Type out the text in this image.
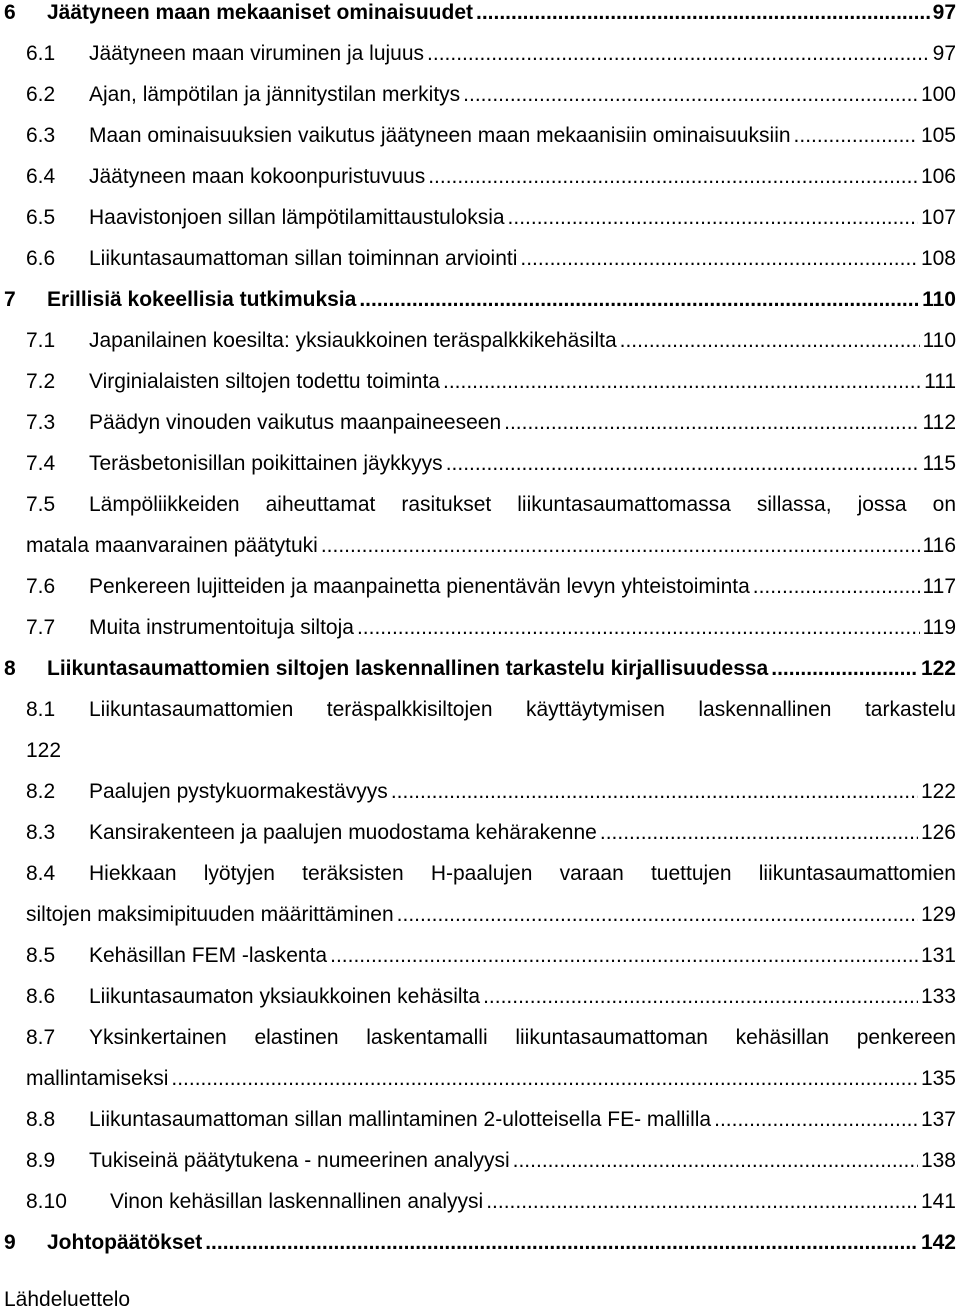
6 Jäätyneen maan mekaaniset ominaisuudet .....	97
6.1 Jäätyneen maan viruminen ja lujuus .....	97
6.2 Ajan, lämpötilan ja jännitystilan merkitys .....	100
6.3 Maan ominaisuuksien vaikutus jäätyneen maan mekaanisiin ominaisuuksiin .....	105
6.4 Jäätyneen maan kokoonpuristuvuus .....	106
6.5 Haavistonjoen sillan lämpötilamittaustuloksia .....	107
6.6 Liikuntasaumattoman sillan toiminnan arviointi .....	108
7 Erillisiä kokeellisia tutkimuksia .....	110
7.1 Japanilainen koesilta: yksiaukkoinen teräspalkkikehäsilta .....	110
7.2 Virginialaisten siltojen todettu toiminta .....	111
7.3 Päädyn vinouden vaikutus maanpaineeseen .....	112
7.4 Teräsbetonisillan poikittainen jäykkyys .....	115
7.5 Lämpöliikkeiden aiheuttamat rasitukset liikuntasaumattomassa sillassa, jossa on
matala maanvarainen päätytuki .....	116
7.6 Penkereen lujitteiden ja maanpainetta pienentävän levyn yhteistoiminta .....	117
7.7 Muita instrumentoituja siltoja .....	119
8 Liikuntasaumattomien siltojen laskennallinen tarkastelu kirjallisuudessa .....	122
8.1 Liikuntasaumattomien teräspalkkisiltojen käyttäytymisen laskennallinen tarkastelu
122
8.2 Paalujen pystykuormakestävyys .....	122
8.3 Kansirakenteen ja paalujen muodostama kehärakenne .....	126
8.4 Hiekkaan lyötyjen teräksisten H-paalujen varaan tuettujen liikuntasaumattomien
siltojen maksimipituuden määrittäminen .....	129
8.5 Kehäsillan FEM -laskenta .....	131
8.6 Liikuntasaumaton yksiaukkoinen kehäsilta .....	133
8.7 Yksinkertainen elastinen laskentamalli liikuntasaumattoman kehäsillan penkereen
mallintamiseksi .....	135
8.8 Liikuntasaumattoman sillan mallintaminen 2-ulotteisella FE- mallilla .....	137
8.9 Tukiseinä päätytukena - numeerinen analyysi .....	138
8.10 Vinon kehäsillan laskennallinen analyysi .....	141
9 Johtopäätökset .....	142
Lähdeluettelo
